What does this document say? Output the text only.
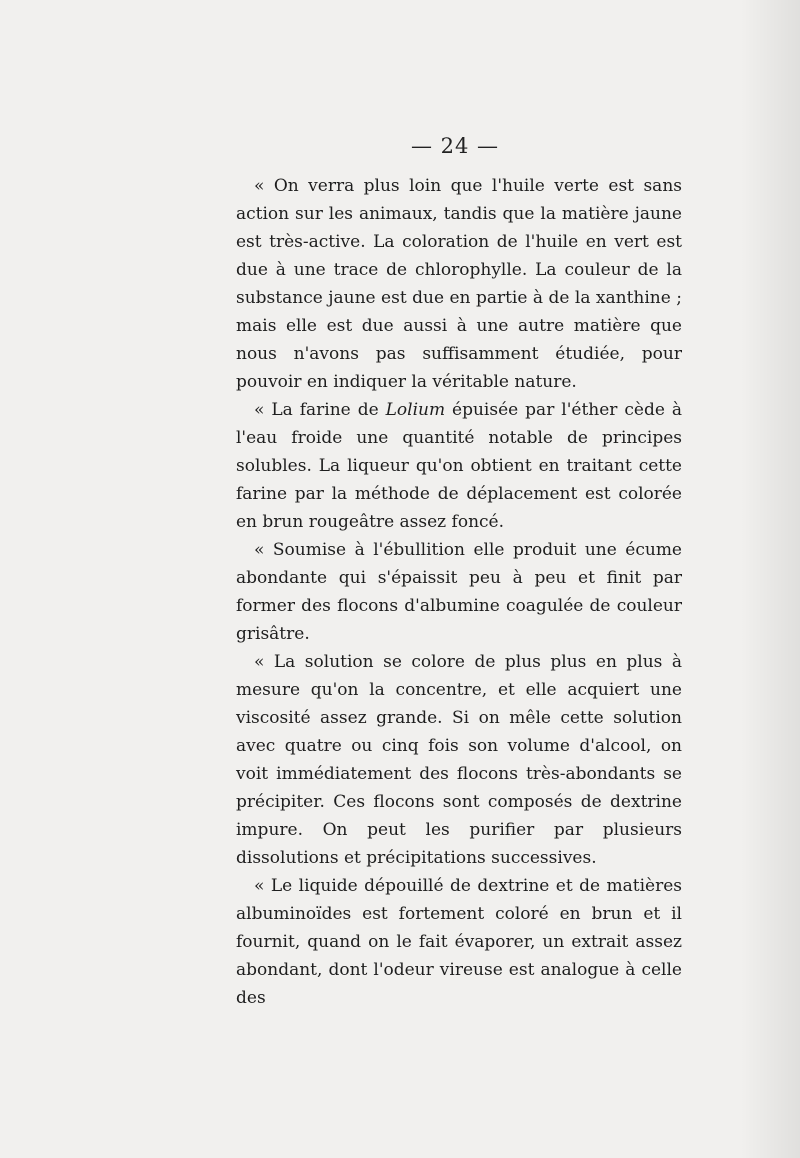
— 24 —

« On verra plus loin que l'huile verte est sans action sur les animaux, tandis que la matière jaune est très-active. La coloration de l'huile en vert est due à une trace de chlorophylle. La couleur de la substance jaune est due en partie à de la xanthine ; mais elle est due aussi à une autre matière que nous n'avons pas suffisamment étudiée, pour pouvoir en indiquer la véritable nature.

« La farine de Lolium épuisée par l'éther cède à l'eau froide une quantité notable de principes solubles. La liqueur qu'on obtient en traitant cette farine par la méthode de déplacement est colorée en brun rougeâtre assez foncé.

« Soumise à l'ébullition elle produit une écume abondante qui s'épaissit peu à peu et finit par former des flocons d'albumine coagulée de couleur grisâtre.

« La solution se colore de plus plus en plus à mesure qu'on la concentre, et elle acquiert une viscosité assez grande. Si on mêle cette solution avec quatre ou cinq fois son volume d'alcool, on voit immédiatement des flocons très-abondants se précipiter. Ces flocons sont composés de dextrine impure. On peut les purifier par plusieurs dissolutions et précipitations successives.

« Le liquide dépouillé de dextrine et de matières albuminoïdes est fortement coloré en brun et il fournit, quand on le fait évaporer, un extrait assez abondant, dont l'odeur vireuse est analogue à celle des
